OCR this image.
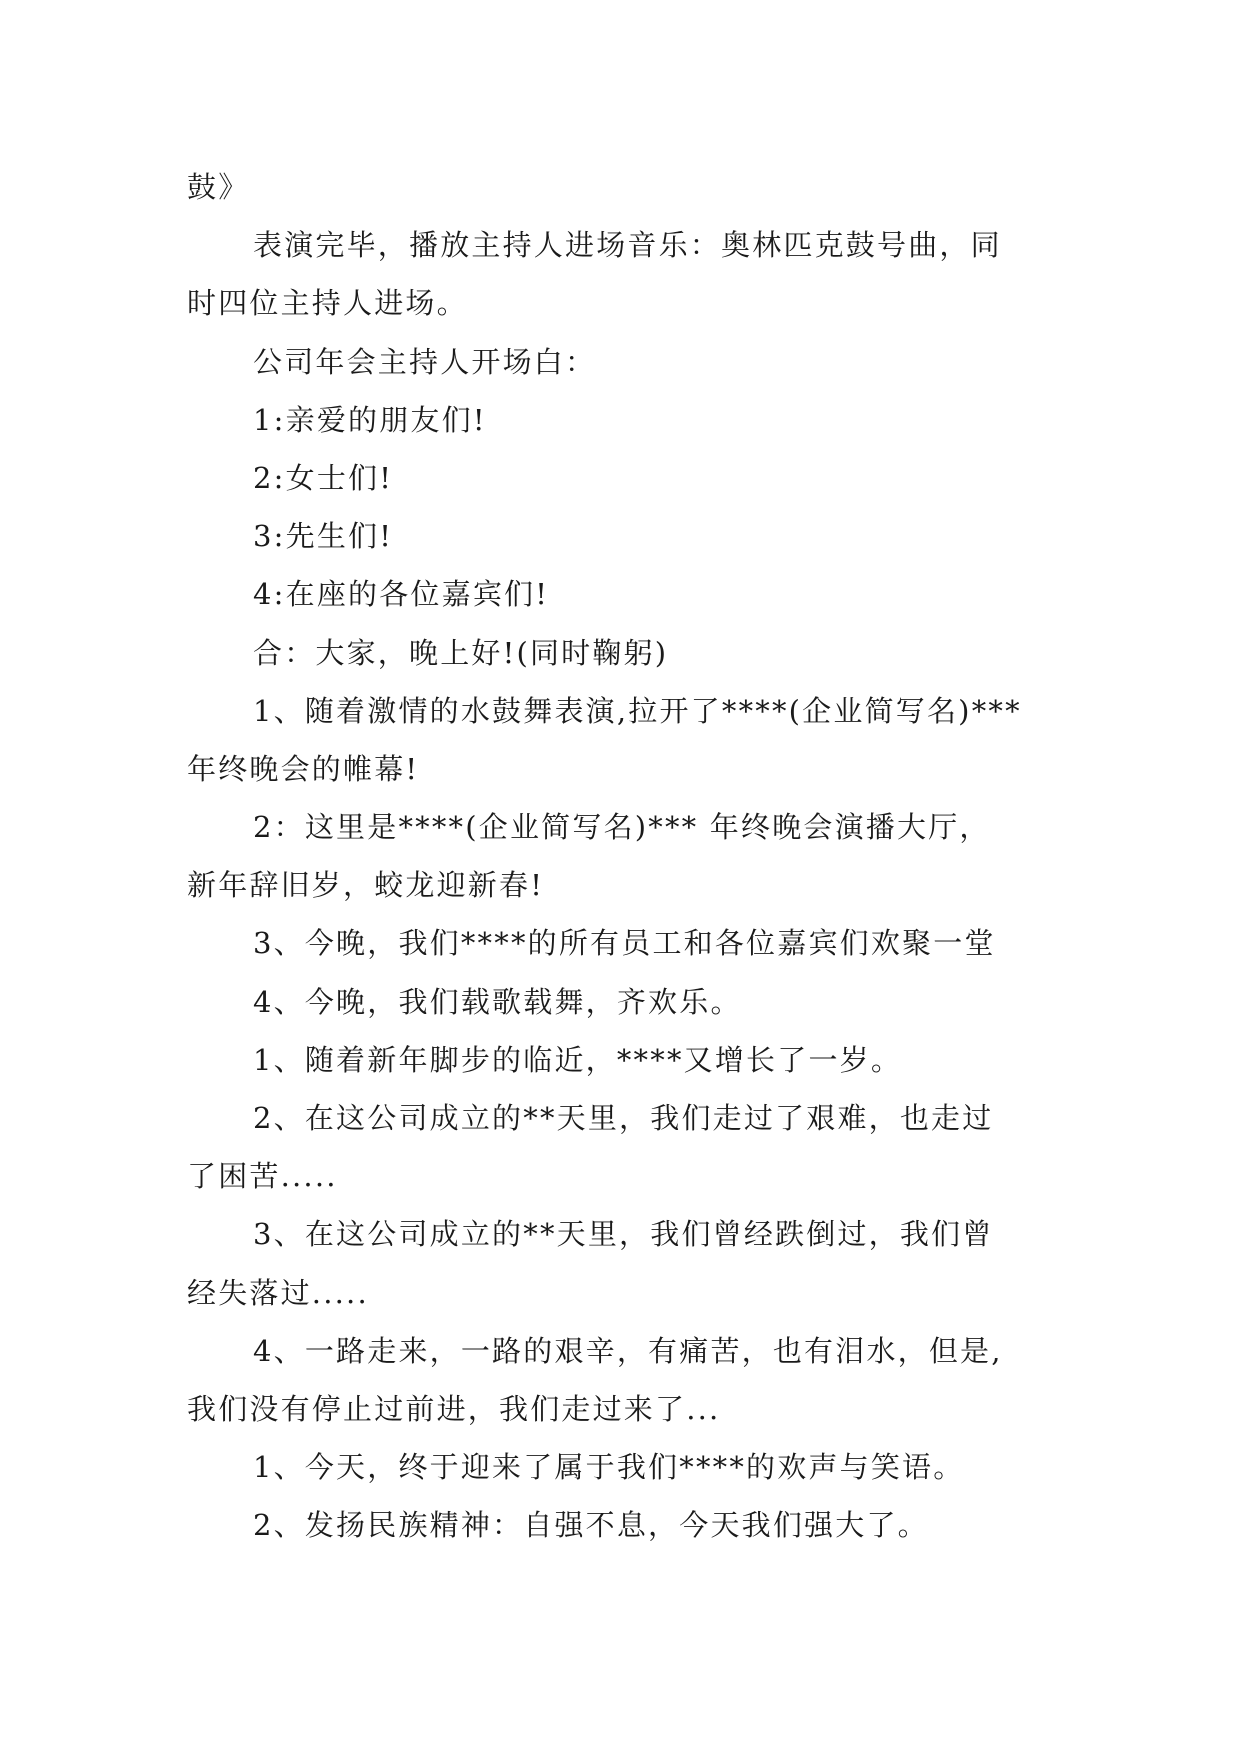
鼓》
表演完毕，播放主持人进场音乐：奥林匹克鼓号曲，同
时四位主持人进场。
公司年会主持人开场白：
1:亲爱的朋友们!
2:女士们!
3:先生们!
4:在座的各位嘉宾们!
合：大家，晚上好!(同时鞠躬)
1、随着激情的水鼓舞表演,拉开了****(企业简写名)***
年终晚会的帷幕!
2：这里是****(企业简写名)*** 年终晚会演播大厅，
新年辞旧岁，蛟龙迎新春!
3、今晚，我们****的所有员工和各位嘉宾们欢聚一堂
4、今晚，我们载歌载舞，齐欢乐。
1、随着新年脚步的临近，****又增长了一岁。
2、在这公司成立的**天里，我们走过了艰难，也走过
了困苦.....
3、在这公司成立的**天里，我们曾经跌倒过，我们曾
经失落过.....
4、一路走来，一路的艰辛，有痛苦，也有泪水，但是,
我们没有停止过前进，我们走过来了...
1、今天，终于迎来了属于我们****的欢声与笑语。
2、发扬民族精神：自强不息，今天我们强大了。
